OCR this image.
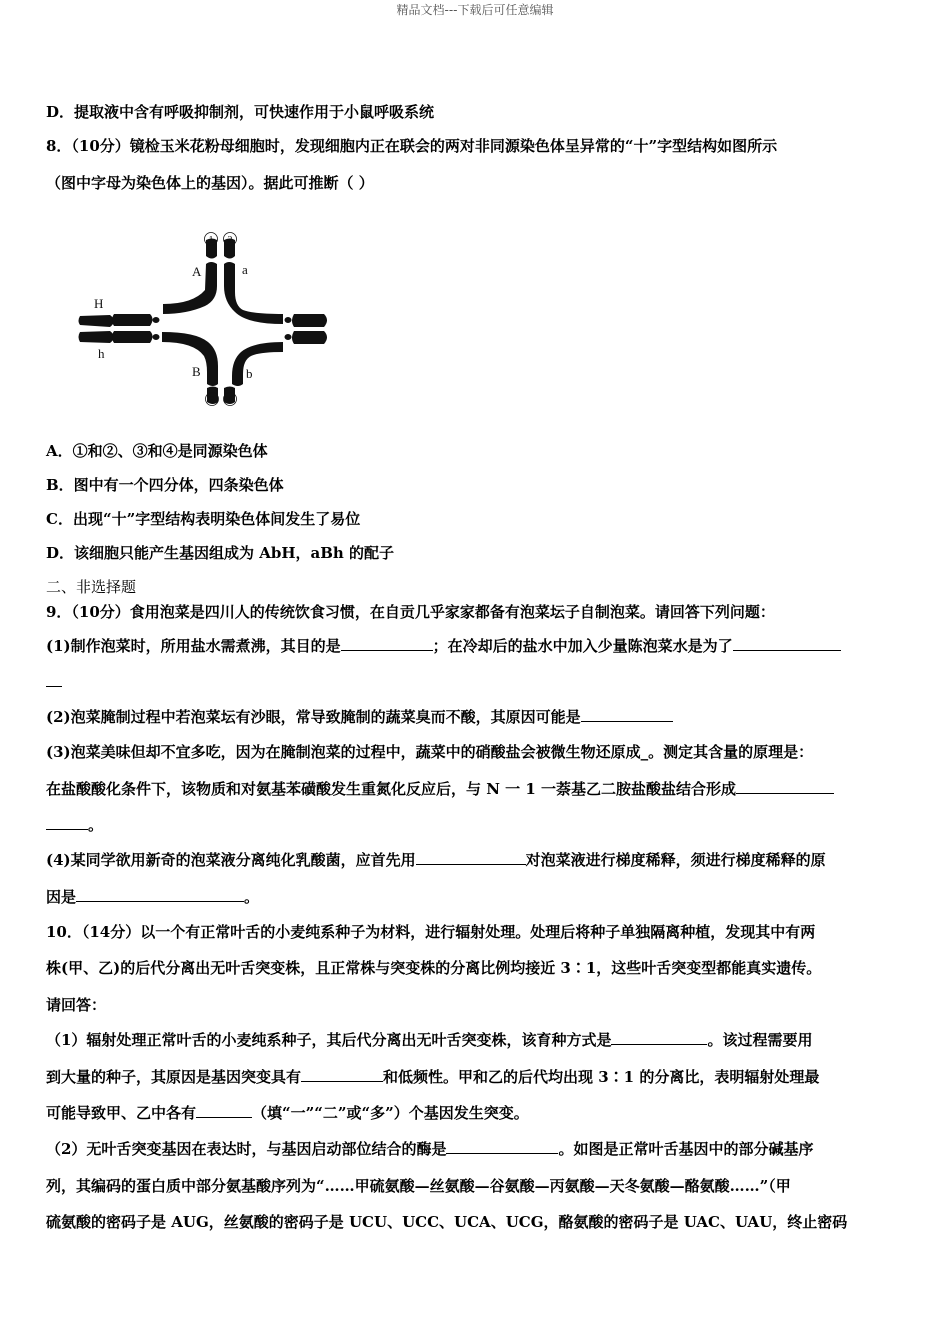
精品文档---下载后可任意编辑
D．提取液中含有呼吸抑制剂，可快速作用于小鼠呼吸系统
8．（10分）镜检玉米花粉母细胞时，发现细胞内正在联会的两对非同源染色体呈异常的“十”字型结构如图所示
（图中字母为染色体上的基因）。据此可推断（ ）
1 2
3 4
A	a
H
h
B	b
A．①和②、③和④是同源染色体
B．图中有一个四分体，四条染色体
C．出现“十”字型结构表明染色体间发生了易位
D．该细胞只能产生基因组成为 AbH，aBh 的配子
二、非选择题
9．（10分）食用泡菜是四川人的传统饮食习惯，在自贡几乎家家都备有泡菜坛子自制泡菜。请回答下列问题：
(1)制作泡菜时，所用盐水需煮沸，其目的是	；在冷却后的盐水中加入少量陈泡菜水是为了
(2)泡菜腌制过程中若泡菜坛有沙眼，常导致腌制的蔬菜臭而不酸，其原因可能是
(3)泡菜美味但却不宜多吃，因为在腌制泡菜的过程中，蔬菜中的硝酸盐会被微生物还原成_。测定其含量的原理是：
在盐酸酸化条件下，该物质和对氨基苯磺酸发生重氮化反应后，与 N 一 1 一萘基乙二胺盐酸盐结合形成
。
(4)某同学欲用新奇的泡菜液分离纯化乳酸菌，应首先用	对泡菜液进行梯度稀释，须进行梯度稀释的原
因是	。
10．（14分）以一个有正常叶舌的小麦纯系种子为材料，进行辐射处理。处理后将种子单独隔离种植，发现其中有两
株(甲、乙)的后代分离出无叶舌突变株，且正常株与突变株的分离比例均接近 3∶1，这些叶舌突变型都能真实遗传。
请回答：
（1）辐射处理正常叶舌的小麦纯系种子，其后代分离出无叶舌突变株，该育种方式是	。该过程需要用
到大量的种子，其原因是基因突变具有	和低频性。甲和乙的后代均出现 3∶1 的分离比，表明辐射处理最
可能导致甲、乙中各有	（填“一”“二”或“多”）个基因发生突变。
（2）无叶舌突变基因在表达时，与基因启动部位结合的酶是	。如图是正常叶舌基因中的部分碱基序
列，其编码的蛋白质中部分氨基酸序列为“……甲硫氨酸—丝氨酸—谷氨酸—丙氨酸—天冬氨酸—酪氨酸……”（甲
硫氨酸的密码子是 AUG，丝氨酸的密码子是 UCU、UCC、UCA、UCG，酪氨酸的密码子是 UAC、UAU，终止密码
